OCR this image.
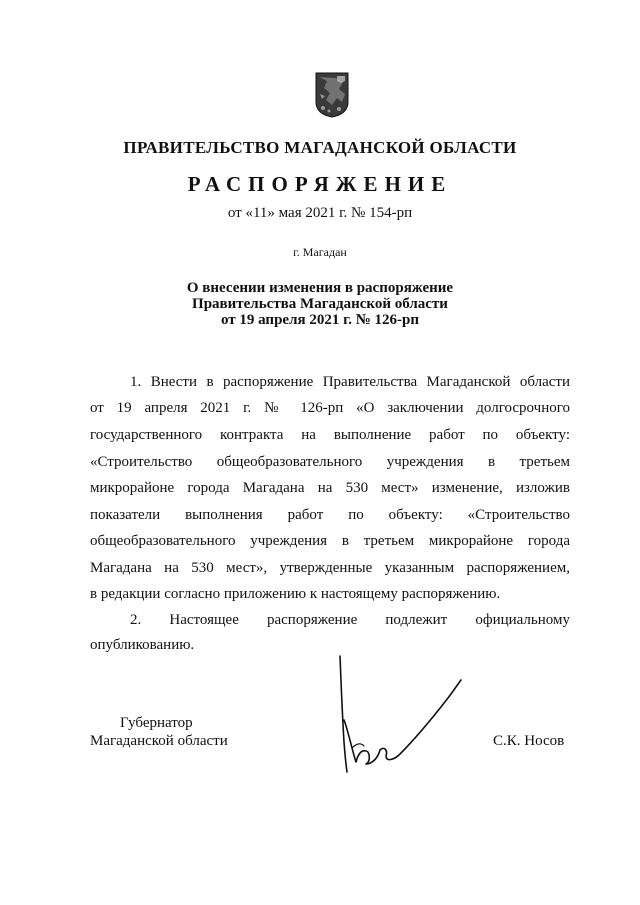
ПРАВИТЕЛЬСТВО МАГАДАНСКОЙ ОБЛАСТИ
РАСПОРЯЖЕНИЕ
от «11» мая 2021 г. № 154-рп
г. Магадан
О внесении изменения в распоряжение
Правительства Магаданской области
от 19 апреля 2021 г. № 126-рп
1. Внести в распоряжение Правительства Магаданской области
от 19 апреля 2021 г. № 126-рп «О заключении долгосрочного
государственного контракта на выполнение работ по объекту:
«Строительство общеобразовательного учреждения в третьем
микрорайоне города Магадана на 530 мест» изменение, изложив
показатели выполнения работ по объекту: «Строительство
общеобразовательного учреждения в третьем микрорайоне города
Магадана на 530 мест», утвержденные указанным распоряжением,
в редакции согласно приложению к настоящему распоряжению.
2. Настоящее распоряжение подлежит официальному
опубликованию.
Губернатор
Магаданской области	С.К. Носов
